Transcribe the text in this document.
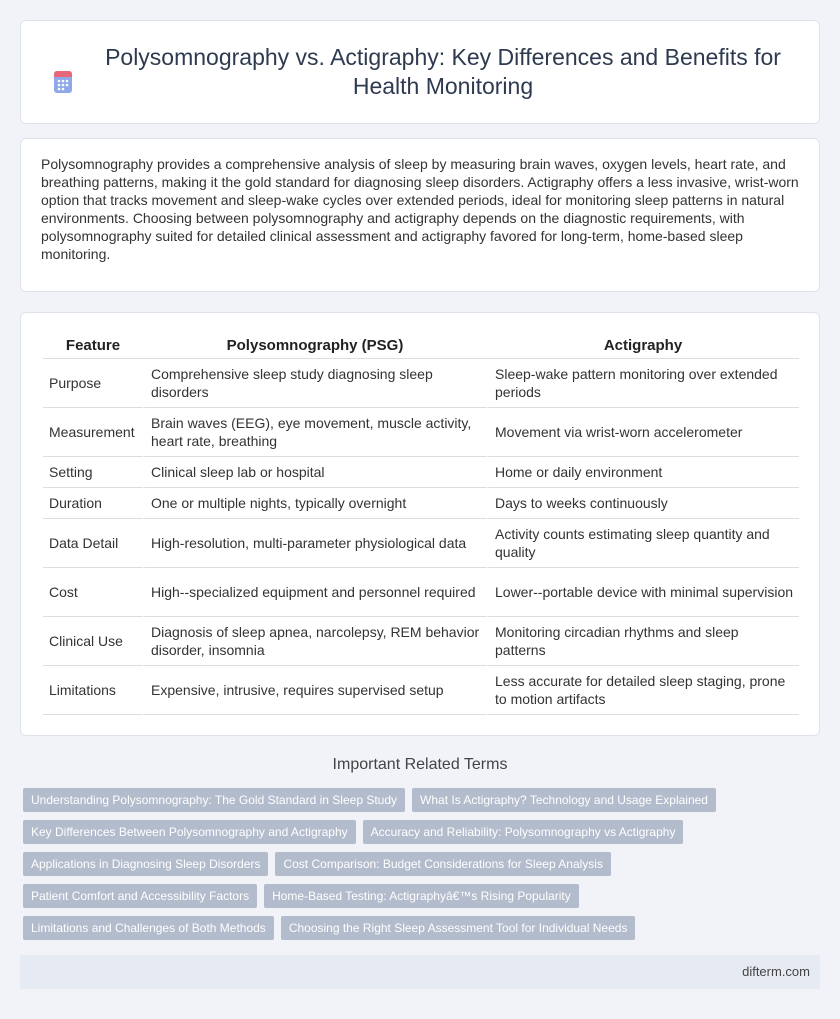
Polysomnography vs. Actigraphy: Key Differences and Benefits for Health Monitoring

Polysomnography provides a comprehensive analysis of sleep by measuring brain waves, oxygen levels, heart rate, and breathing patterns, making it the gold standard for diagnosing sleep disorders. Actigraphy offers a less invasive, wrist-worn option that tracks movement and sleep-wake cycles over extended periods, ideal for monitoring sleep patterns in natural environments. Choosing between polysomnography and actigraphy depends on the diagnostic requirements, with polysomnography suited for detailed clinical assessment and actigraphy favored for long-term, home-based sleep monitoring.

Feature	Polysomnography (PSG)	Actigraphy
Purpose	Comprehensive sleep study diagnosing sleep disorders	Sleep-wake pattern monitoring over extended periods
Measurement	Brain waves (EEG), eye movement, muscle activity, heart rate, breathing	Movement via wrist-worn accelerometer
Setting	Clinical sleep lab or hospital	Home or daily environment
Duration	One or multiple nights, typically overnight	Days to weeks continuously
Data Detail	High-resolution, multi-parameter physiological data	Activity counts estimating sleep quantity and quality
Cost	High--specialized equipment and personnel required	Lower--portable device with minimal supervision
Clinical Use	Diagnosis of sleep apnea, narcolepsy, REM behavior disorder, insomnia	Monitoring circadian rhythms and sleep patterns
Limitations	Expensive, intrusive, requires supervised setup	Less accurate for detailed sleep staging, prone to motion artifacts
Important Related Terms
Understanding Polysomnography: The Gold Standard in Sleep Study	What Is Actigraphy? Technology and Usage Explained
Key Differences Between Polysomnography and Actigraphy	Accuracy and Reliability: Polysomnography vs Actigraphy
Applications in Diagnosing Sleep Disorders	Cost Comparison: Budget Considerations for Sleep Analysis
Patient Comfort and Accessibility Factors	Home-Based Testing: Actigraphyâ€™s Rising Popularity
Limitations and Challenges of Both Methods	Choosing the Right Sleep Assessment Tool for Individual Needs
difterm.com
